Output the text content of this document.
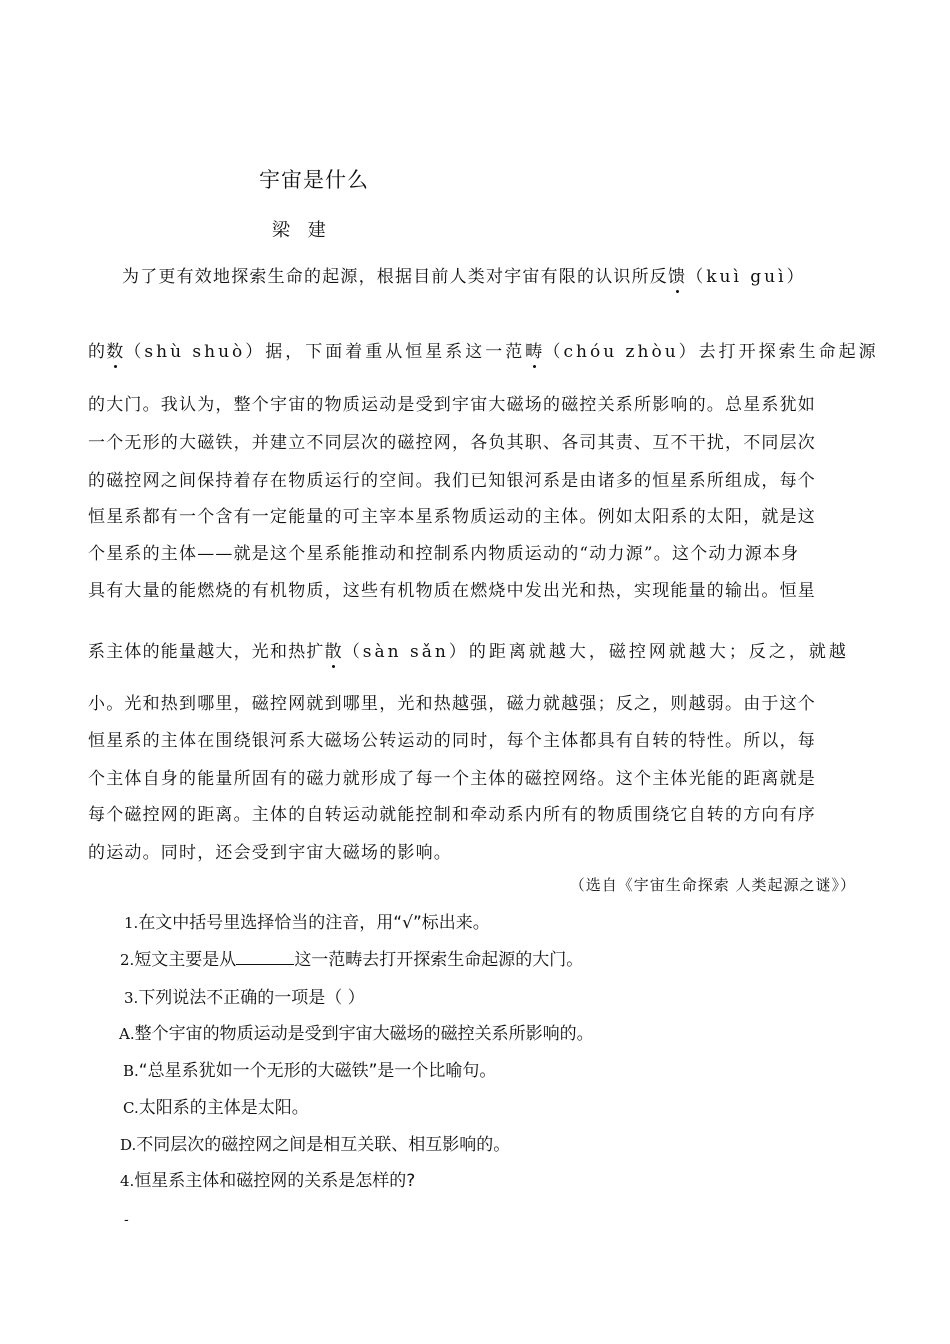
宇宙是什么
梁 建
为了更有效地探索生命的起源，根据目前人类对宇宙有限的认识所反馈（kuì guì）
的数（shù shuò）据，下面着重从恒星系这一范畴（chóu zhòu）去打开探索生命起源
的大门。我认为，整个宇宙的物质运动是受到宇宙大磁场的磁控关系所影响的。总星系犹如
一个无形的大磁铁，并建立不同层次的磁控网，各负其职、各司其责、互不干扰，不同层次
的磁控网之间保持着存在物质运行的空间。我们已知银河系是由诸多的恒星系所组成，每个
恒星系都有一个含有一定能量的可主宰本星系物质运动的主体。例如太阳系的太阳，就是这
个星系的主体——就是这个星系能推动和控制系内物质运动的“动力源”。这个动力源本身
具有大量的能燃烧的有机物质，这些有机物质在燃烧中发出光和热，实现能量的输出。恒星
系主体的能量越大，光和热扩散（sàn sǎn）的距离就越大，磁控网就越大；反之，就越
小。光和热到哪里，磁控网就到哪里，光和热越强，磁力就越强；反之，则越弱。由于这个
恒星系的主体在围绕银河系大磁场公转运动的同时，每个主体都具有自转的特性。所以，每
个主体自身的能量所固有的磁力就形成了每一个主体的磁控网络。这个主体光能的距离就是
每个磁控网的距离。主体的自转运动就能控制和牵动系内所有的物质围绕它自转的方向有序
的运动。同时，还会受到宇宙大磁场的影响。
（选自《宇宙生命探索 人类起源之谜》）
1.在文中括号里选择恰当的注音，用“√”标出来。
2.短文主要是从	这一范畴去打开探索生命起源的大门。
3.下列说法不正确的一项是（ ）
A.整个宇宙的物质运动是受到宇宙大磁场的磁控关系所影响的。
B.“总星系犹如一个无形的大磁铁”是一个比喻句。
C.太阳系的主体是太阳。
D.不同层次的磁控网之间是相互关联、相互影响的。
4.恒星系主体和磁控网的关系是怎样的?
-
